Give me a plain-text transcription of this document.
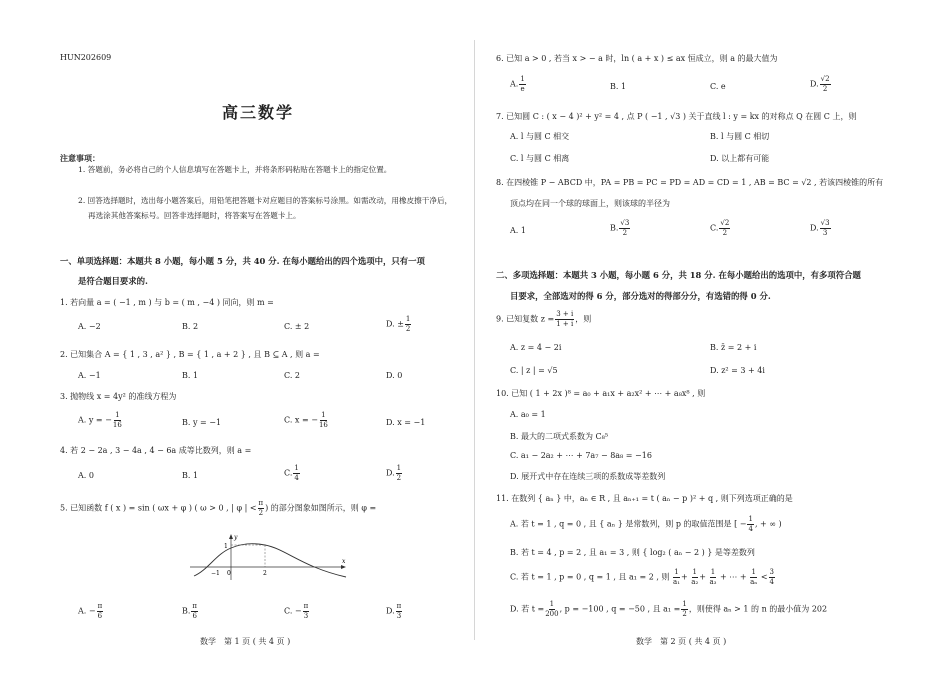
HUN202609
高三数学
注意事项：
1. 答题前，务必将自己的个人信息填写在答题卡上，并将条形码粘贴在答题卡上的指定位置。
2. 回答选择题时，选出每小题答案后，用铅笔把答题卡对应题目的答案标号涂黑。如需改动，用橡皮擦干净后，再选涂其他答案标号。回答非选择题时，将答案写在答题卡上。
一、单项选择题：本题共 8 小题，每小题 5 分，共 40 分. 在每小题给出的四个选项中，只有一项
是符合题目要求的.
1. 若向量 a = ( −1 , m ) 与 b = ( m , −4 ) 同向，则 m =
A. −2	B. 2	C. ± 2	D. ± $\frac{1}{2}$
2. 已知集合 A = { 1 , 3 , a² } , B = { 1 , a + 2 } , 且 B ⊆ A , 则 a =
A. −1	B. 1	C. 2	D. 0
3. 抛物线 x = 4y² 的准线方程为
A. y = − $\frac{1}{16}$	B. y = −1	C. x = − $\frac{1}{16}$	D. x = −1
4. 若 2 − 2a , 3 − 4a , 4 − 6a 成等比数列，则 a =
A. 0	B. 1	C. $\frac{1}{4}$	D. $\frac{1}{2}$
5. 已知函数 f ( x ) = sin ( ωx + φ ) ( ω > 0 , | φ | < $\frac{\pi}{2}$ ) 的部分图象如图所示，则 φ =
1
−1 0	2
x
y
A. − $\frac{\pi}{6}$	B. $\frac{\pi}{6}$	C. − $\frac{\pi}{3}$	D. $\frac{\pi}{3}$
数学　第 1 页 ( 共 4 页 )
6. 已知 a > 0 , 若当 x > − a 时，ln ( a + x ) ≤ ax 恒成立，则 a 的最大值为
A. $\frac{1}{e}$	B. 1	C. e	D. $\frac{√2}{2}$
7. 已知圆 C : ( x − 4 )² + y² = 4 , 点 P ( −1 , √3 ) 关于直线 l : y = kx 的对称点 Q 在圆 C 上，则
A. l 与圆 C 相交	B. l 与圆 C 相切
C. l 与圆 C 相离	D. 以上都有可能
8. 在四棱锥 P − ABCD 中，PA = PB = PC = PD = AD = CD = 1 , AB = BC = √2 , 若该四棱锥的所有
顶点均在同一个球的球面上，则该球的半径为
A. 1	B. $\frac{√3}{2}$	C. $\frac{√2}{2}$	D. $\frac{√3}{3}$
二、多项选择题：本题共 3 小题，每小题 6 分，共 18 分. 在每小题给出的选项中，有多项符合题
目要求，全部选对的得 6 分，部分选对的得部分分，有选错的得 0 分.
9. 已知复数 $z = \frac{3 + i}{1 + i}$ ，则
A. z = 4 − 2i	B. z̄ = 2 + i
C. | z | = √5	D. z² = 3 + 4i
10. 已知 ( 1 + 2x )⁸ = a₀ + a₁x + a₂x² + ⋯ + a₈x⁸ , 则
A. a₀ = 1
B. 最大的二项式系数为 C₈⁵
C. a₁ − 2a₂ + ⋯ + 7a₇ − 8a₈ = −16
D. 展开式中存在连续三项的系数成等差数列
11. 在数列 { aₙ } 中，aₙ ∈ R , 且 aₙ₊₁ = t ( aₙ − p )² + q , 则下列选项正确的是
A. 若 t = 1 , q = 0 , 且 { aₙ } 是常数列，则 p 的取值范围是 [ − $\frac{1}{4}$ , + ∞ )
B. 若 t = 4 , p = 2 , 且 a₁ = 3 , 则 { log₂ ( aₙ − 2 ) } 是等差数列
C. 若 t = 1 , p = 0 , q = 1 , 且 a₁ = 2 , 则 $\frac{1}{\text{a₁}} + \frac{1}{\text{a₂}} + \frac{1}{\text{a₃}}$ + ⋯ + $\frac{1}{\text{aₙ}} < \frac{3}{4}$
D. 若 $t = \frac{1}{200}$ , p = −100 , q = −50 , 且 $a_1 = \frac{1}{2}$ ，则使得 aₙ > 1 的 n 的最小值为 202
数学　第 2 页 ( 共 4 页 )
